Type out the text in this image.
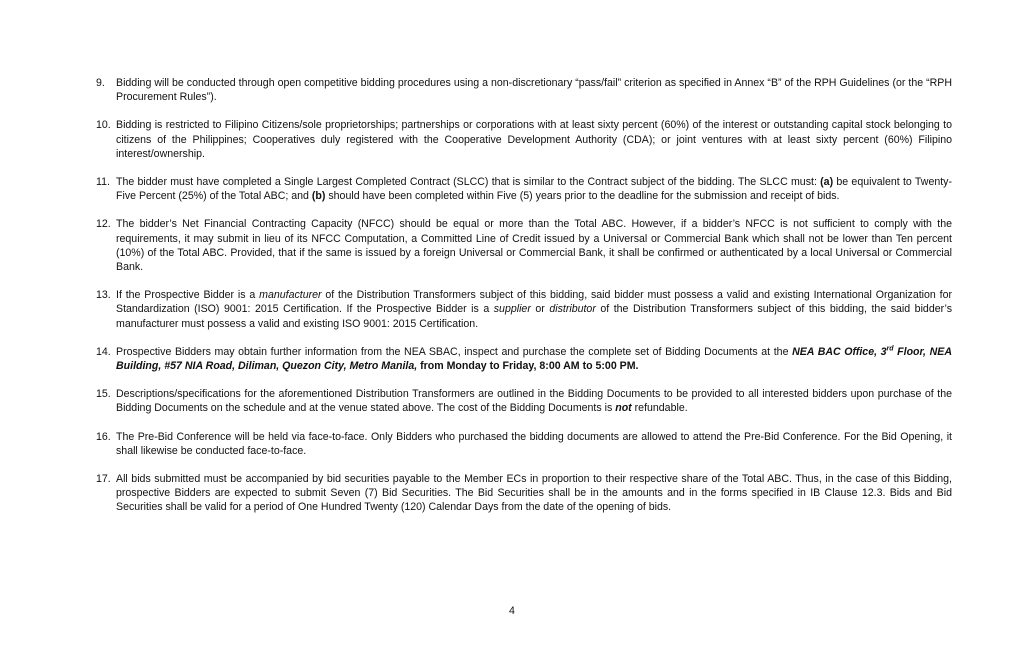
9.	Bidding will be conducted through open competitive bidding procedures using a non-discretionary “pass/fail” criterion as specified in Annex “B” of the RPH Guidelines (or the “RPH Procurement Rules”).
10. Bidding is restricted to Filipino Citizens/sole proprietorships; partnerships or corporations with at least sixty percent (60%) of the interest or outstanding capital stock belonging to citizens of the Philippines; Cooperatives duly registered with the Cooperative Development Authority (CDA); or joint ventures with at least sixty percent (60%) Filipino interest/ownership.
11. The bidder must have completed a Single Largest Completed Contract (SLCC) that is similar to the Contract subject of the bidding. The SLCC must: (a) be equivalent to Twenty-Five Percent (25%) of the Total ABC; and (b) should have been completed within Five (5) years prior to the deadline for the submission and receipt of bids.
12. The bidder’s Net Financial Contracting Capacity (NFCC) should be equal or more than the Total ABC. However, if a bidder’s NFCC is not sufficient to comply with the requirements, it may submit in lieu of its NFCC Computation, a Committed Line of Credit issued by a Universal or Commercial Bank which shall not be lower than Ten percent (10%) of the Total ABC. Provided, that if the same is issued by a foreign Universal or Commercial Bank, it shall be confirmed or authenticated by a local Universal or Commercial Bank.
13. If the Prospective Bidder is a manufacturer of the Distribution Transformers subject of this bidding, said bidder must possess a valid and existing International Organization for Standardization (ISO) 9001: 2015 Certification. If the Prospective Bidder is a supplier or distributor of the Distribution Transformers subject of this bidding, the said bidder’s manufacturer must possess a valid and existing ISO 9001: 2015 Certification.
14. Prospective Bidders may obtain further information from the NEA SBAC, inspect and purchase the complete set of Bidding Documents at the NEA BAC Office, 3rd Floor, NEA Building, #57 NIA Road, Diliman, Quezon City, Metro Manila, from Monday to Friday, 8:00 AM to 5:00 PM.
15. Descriptions/specifications for the aforementioned Distribution Transformers are outlined in the Bidding Documents to be provided to all interested bidders upon purchase of the Bidding Documents on the schedule and at the venue stated above. The cost of the Bidding Documents is not refundable.
16. The Pre-Bid Conference will be held via face-to-face. Only Bidders who purchased the bidding documents are allowed to attend the Pre-Bid Conference. For the Bid Opening, it shall likewise be conducted face-to-face.
17. All bids submitted must be accompanied by bid securities payable to the Member ECs in proportion to their respective share of the Total ABC. Thus, in the case of this Bidding, prospective Bidders are expected to submit Seven (7) Bid Securities. The Bid Securities shall be in the amounts and in the forms specified in IB Clause 12.3. Bids and Bid Securities shall be valid for a period of One Hundred Twenty (120) Calendar Days from the date of the opening of bids.
4
